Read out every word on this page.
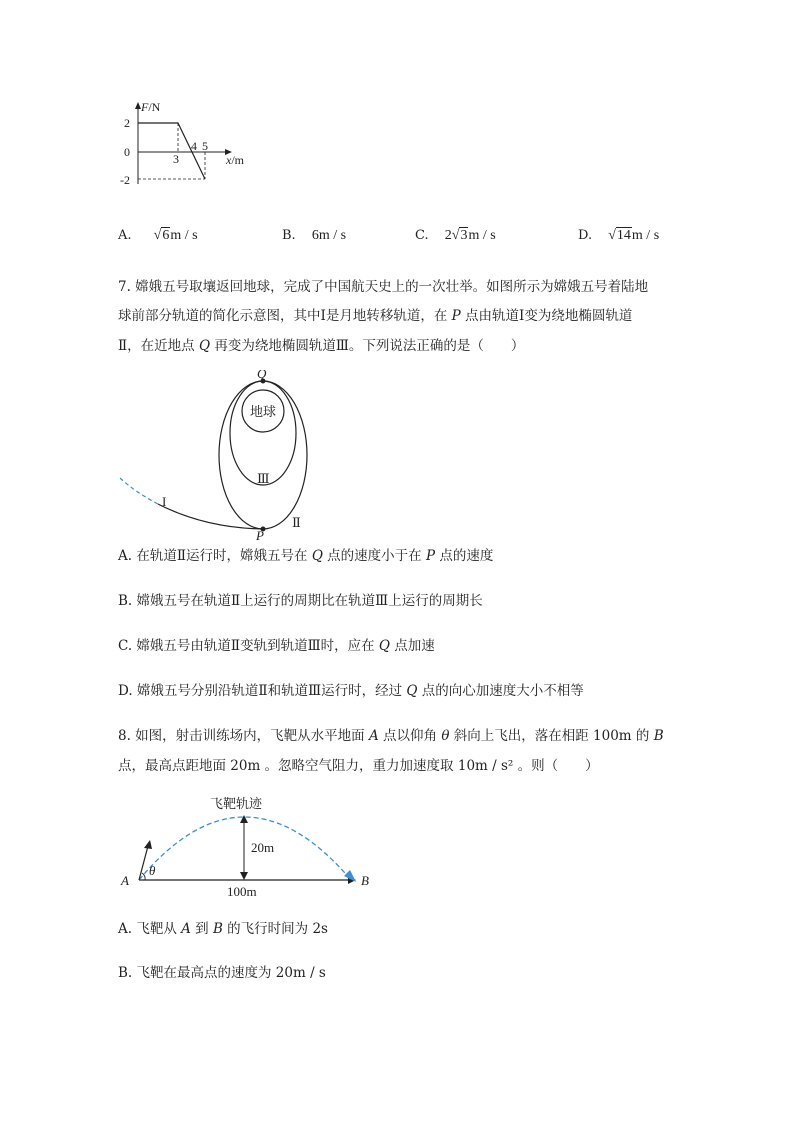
F/N
2
0
-2
3
4 5
x/m
A. √6m / s	B. 6m / s	C. 2√3m / s	D. √14m / s
7. 嫦娥五号取壤返回地球，完成了中国航天史上的一次壮举。如图所示为嫦娥五号着陆地
球前部分轨道的简化示意图，其中Ⅰ是月地转移轨道，在 P 点由轨道Ⅰ变为绕地椭圆轨道
Ⅱ，在近地点 Q 再变为绕地椭圆轨道Ⅲ。下列说法正确的是（　　）
地球
Q
P
I
Ⅱ
Ⅲ
A. 在轨道Ⅱ运行时，嫦娥五号在 Q 点的速度小于在 P 点的速度
B. 嫦娥五号在轨道Ⅱ上运行的周期比在轨道Ⅲ上运行的周期长
C. 嫦娥五号由轨道Ⅱ变轨到轨道Ⅲ时，应在 Q 点加速
D. 嫦娥五号分别沿轨道Ⅱ和轨道Ⅲ运行时，经过 Q 点的向心加速度大小不相等
8. 如图，射击训练场内，飞靶从水平地面 A 点以仰角 θ 斜向上飞出，落在相距 100m 的 B
点，最高点距地面 20m 。忽略空气阻力，重力加速度取 10m / s² 。则（　　）
飞靶轨迹
20m
100m
A	B
θ
A. 飞靶从 A 到 B 的飞行时间为 2s
B. 飞靶在最高点的速度为 20m / s
